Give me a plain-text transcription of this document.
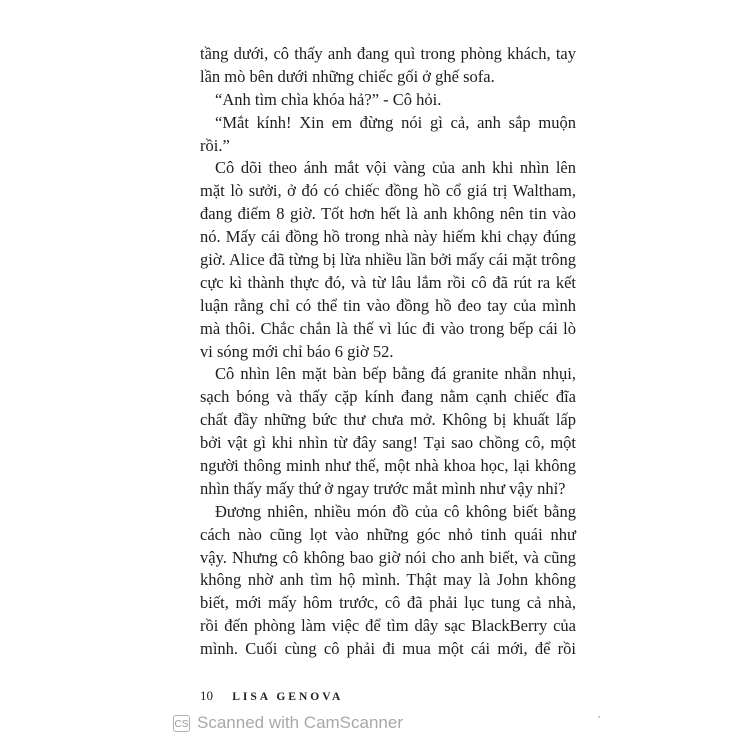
tầng dưới, cô thấy anh đang quì trong phòng khách, tay
lần mò bên dưới những chiếc gối ở ghế sofa.
“Anh tìm chìa khóa hả?” - Cô hỏi.
“Mắt kính! Xin em đừng nói gì cả, anh sắp muộn
rồi.”
Cô dõi theo ánh mắt vội vàng của anh khi nhìn lên
mặt lò sưởi, ở đó có chiếc đồng hồ cổ giá trị Waltham,
đang điểm 8 giờ. Tốt hơn hết là anh không nên tin vào
nó. Mấy cái đồng hồ trong nhà này hiếm khi chạy đúng
giờ. Alice đã từng bị lừa nhiều lần bởi mấy cái mặt trông
cực kì thành thực đó, và từ lâu lắm rồi cô đã rút ra kết
luận rằng chỉ có thể tin vào đồng hồ đeo tay của mình
mà thôi. Chắc chắn là thế vì lúc đi vào trong bếp cái lò
vi sóng mới chỉ báo 6 giờ 52.
Cô nhìn lên mặt bàn bếp bằng đá granite nhẵn nhụi,
sạch bóng và thấy cặp kính đang nằm cạnh chiếc đĩa
chất đầy những bức thư chưa mở. Không bị khuất lấp
bởi vật gì khi nhìn từ đây sang! Tại sao chồng cô, một
người thông minh như thế, một nhà khoa học, lại không
nhìn thấy mấy thứ ở ngay trước mắt mình như vậy nhỉ?
Đương nhiên, nhiều món đồ của cô không biết bằng
cách nào cũng lọt vào những góc nhỏ tinh quái như
vậy. Nhưng cô không bao giờ nói cho anh biết, và cũng
không nhờ anh tìm hộ mình. Thật may là John không
biết, mới mấy hôm trước, cô đã phải lục tung cả nhà,
rồi đến phòng làm việc để tìm dây sạc BlackBerry của
mình. Cuối cùng cô phải đi mua một cái mới, để rồi
10 LISA GENOVA
CS Scanned with CamScanner
